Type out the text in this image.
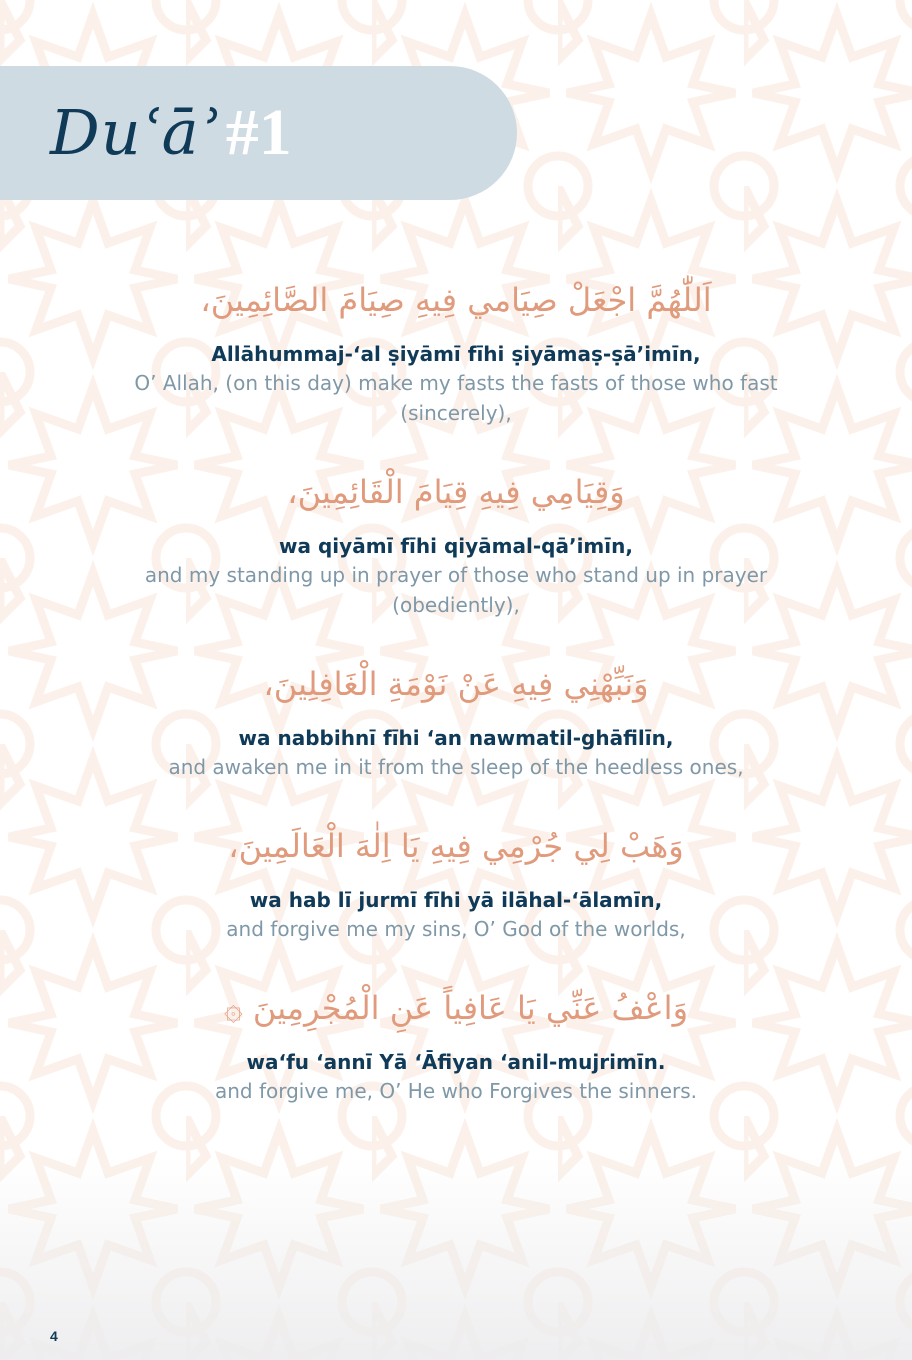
Duʿāʾ #1
اَللّٰهُمَّ اجْعَلْ صِيَامي فِيهِ صِيَامَ الصَّائِمِينَ،
Allāhummaj-ʻal ṣiyāmī fīhi ṣiyāmaṣ-ṣāʼimīn,
O’ Allah, (on this day) make my fasts the fasts of those who fast (sincerely),
وَقِيَامِي فِيهِ قِيَامَ الْقَائِمِينَ،
wa qiyāmī fīhi qiyāmal-qāʼimīn,
and my standing up in prayer of those who stand up in prayer (obediently),
وَنَبِّهْنِي فِيهِ عَنْ نَوْمَةِ الْغَافِلِينَ،
wa nabbihnī fīhi ʻan nawmatil-ghāfilīn,
and awaken me in it from the sleep of the heedless ones,
وَهَبْ لِي جُرْمِي فِيهِ يَا اِلٰهَ الْعَالَمِينَ،
wa hab lī jurmī fīhi yā ilāhal-ʻālamīn,
and forgive me my sins, O’ God of the worlds,
وَاعْفُ عَنِّي يَا عَافِياً عَنِ الْمُجْرِمِينَ ۞
waʻfu ʻannī Yā ʻĀfiyan ʻanil-mujrimīn.
and forgive me, O’ He who Forgives the sinners.
4
